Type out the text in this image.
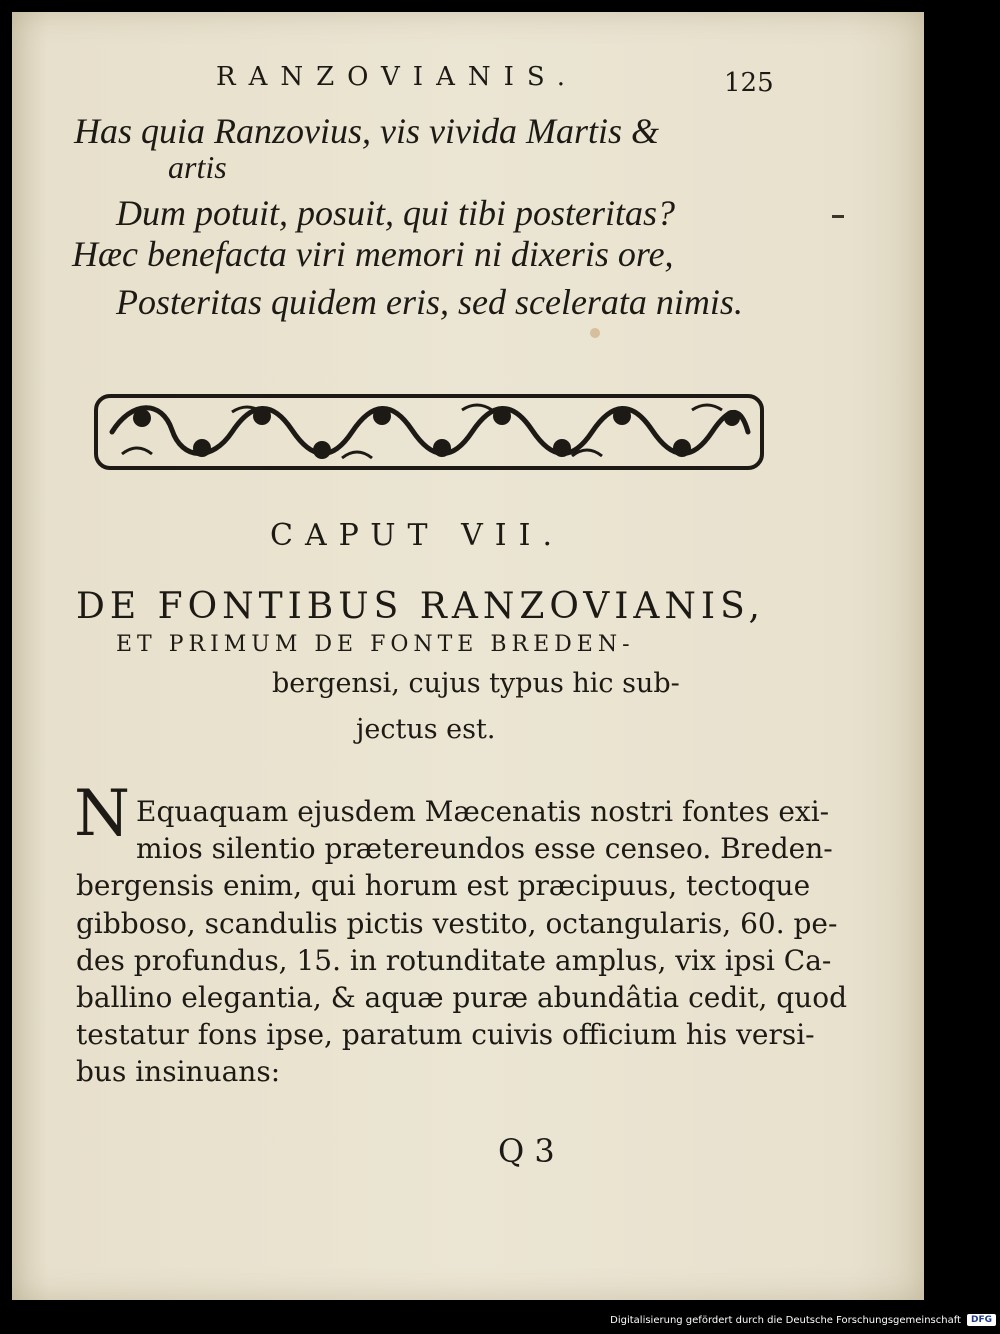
RANZOVIANIS.	125
Has quia Ranzovius, vis vivida Martis &
artis
Dum potuit, posuit, qui tibi posteritas?
Hæc benefacta viri memori ni dixeris ore,
Posteritas quidem eris, sed scelerata nimis.
CAPUT VII.
DE FONTIBUS RANZOVIANIS,
ET PRIMUM DE FONTE BREDEN-
bergensi, cujus typus hic sub-
jectus est.
N Equaquam ejusdem Mæcenatis nostri fontes exi-
mios silentio prætereundos esse censeo. Breden-
bergensis enim, qui horum est præcipuus, tectoque
gibboso, scandulis pictis vestito, octangularis, 60. pe-
des profundus, 15. in rotunditate amplus, vix ipsi Ca-
ballino elegantia, & aquæ puræ abundâtia cedit, quod
testatur fons ipse, paratum cuivis officium his versi-
bus insinuans:
Q 3
Digitalisierung gefördert durch die Deutsche Forschungsgemeinschaft	DFG
